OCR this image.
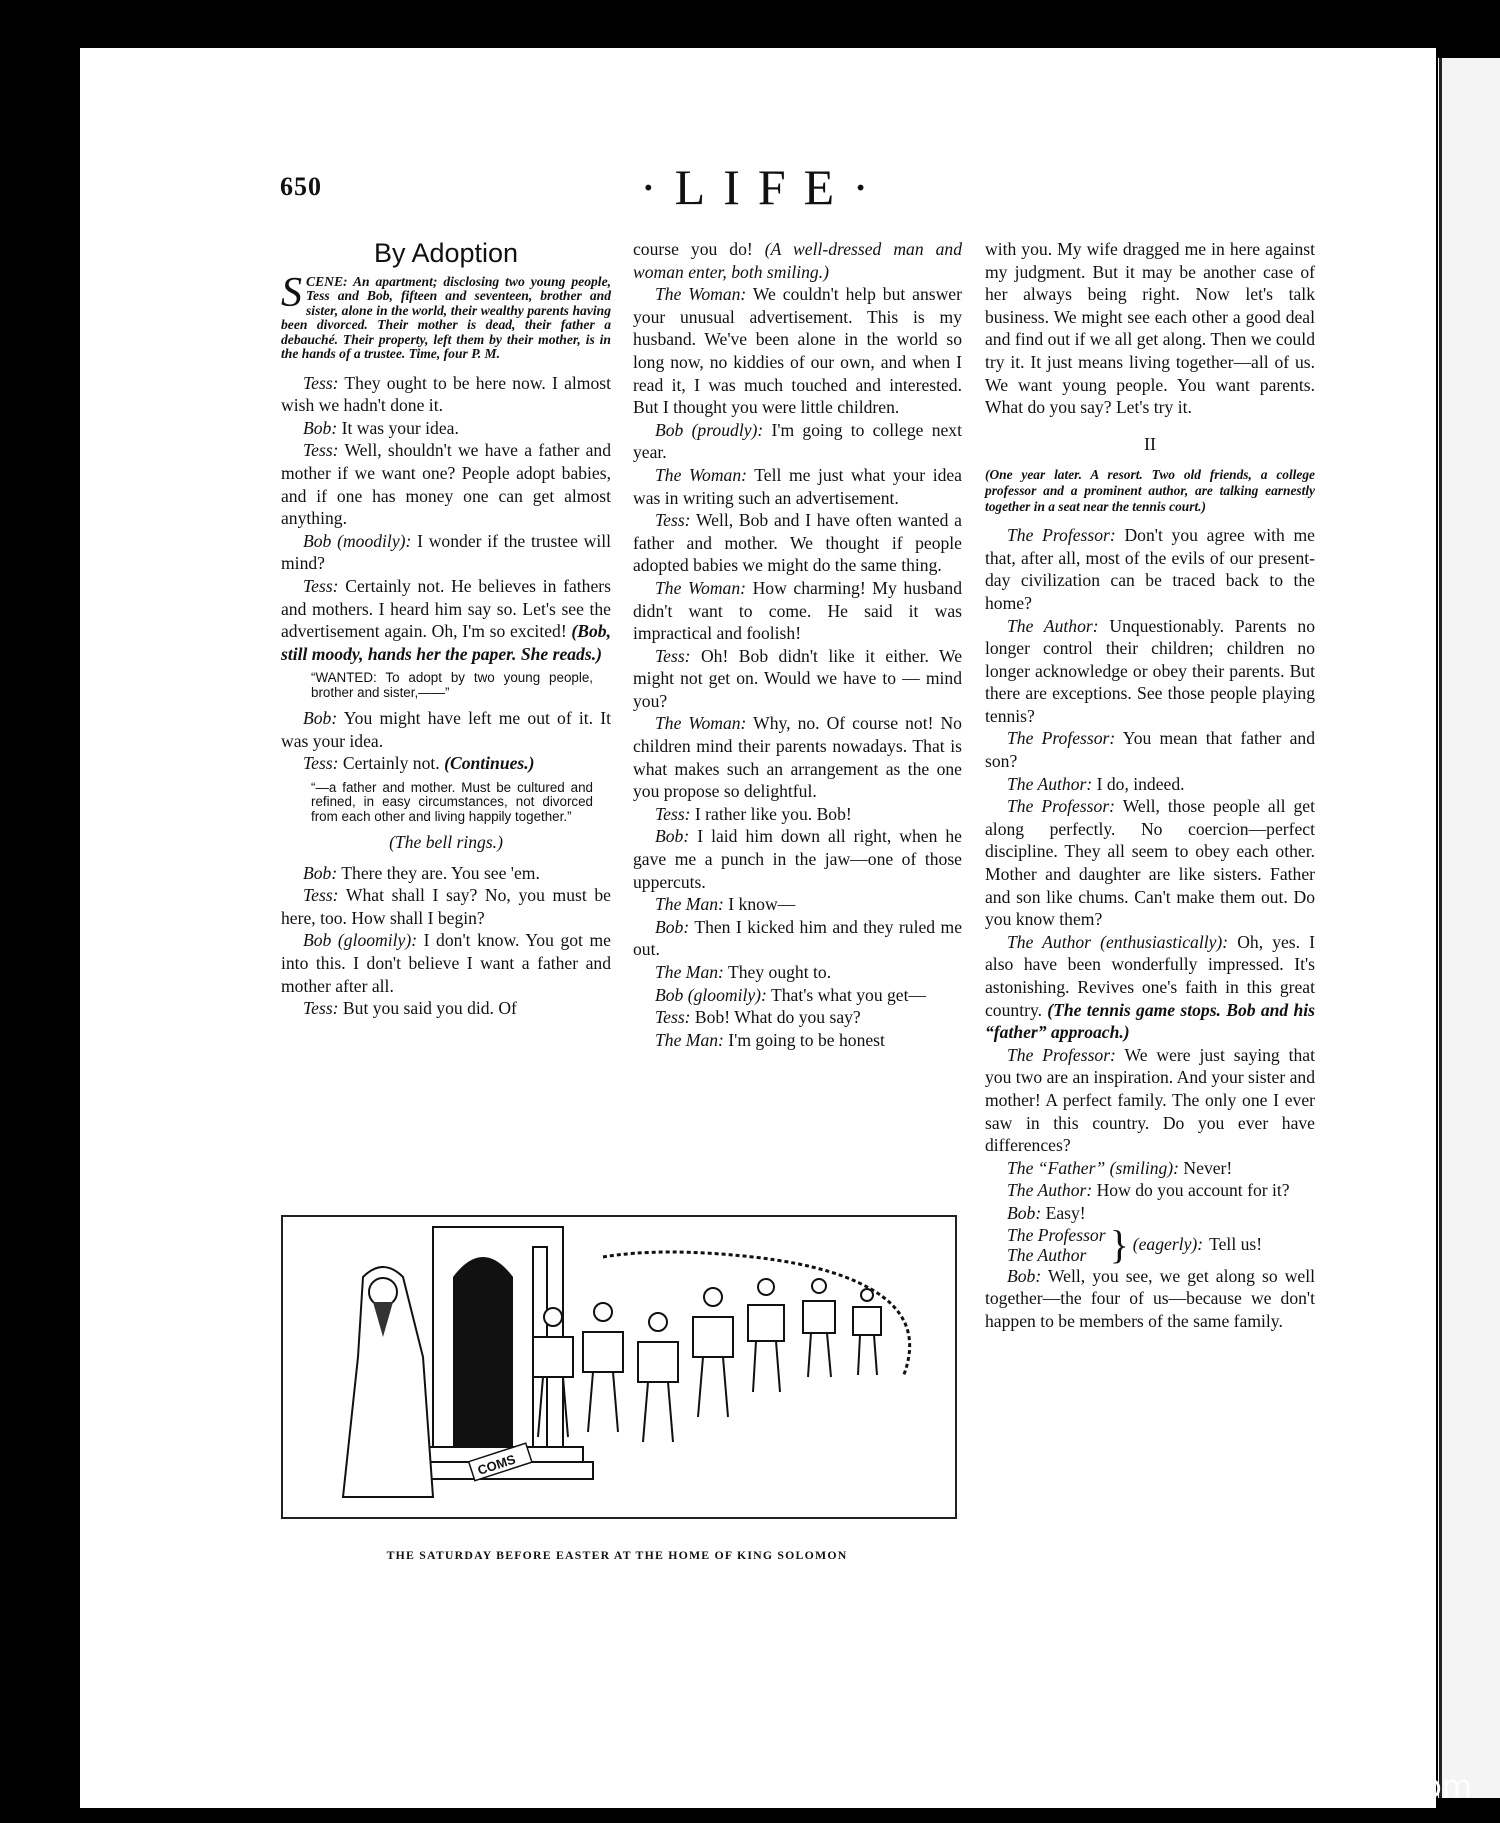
650	·LIFE·
By Adoption
SCENE: An apartment; disclosing two young people, Tess and Bob, fifteen and seventeen, brother and sister, alone in the world, their wealthy parents having been divorced. Their mother is dead, their father a debauché. Their property, left them by their mother, is in the hands of a trustee. Time, four P. M.

Tess: They ought to be here now. I almost wish we hadn't done it.

Bob: It was your idea.

Tess: Well, shouldn't we have a father and mother if we want one? People adopt babies, and if one has money one can get almost anything.

Bob (moodily): I wonder if the trustee will mind?

Tess: Certainly not. He believes in fathers and mothers. I heard him say so. Let's see the advertisement again. Oh, I'm so excited! (Bob, still moody, hands her the paper. She reads.)

“WANTED: To adopt by two young people, brother and sister,——”

Bob: You might have left me out of it. It was your idea.

Tess: Certainly not. (Continues.)

“—a father and mother. Must be cultured and refined, in easy circumstances, not divorced from each other and living happily together.”

(The bell rings.)

Bob: There they are. You see 'em.

Tess: What shall I say? No, you must be here, too. How shall I begin?

Bob (gloomily): I don't know. You got me into this. I don't believe I want a father and mother after all.

Tess: But you said you did. Of

course you do! (A well-dressed man and woman enter, both smiling.)

The Woman: We couldn't help but answer your unusual advertisement. This is my husband. We've been alone in the world so long now, no kiddies of our own, and when I read it, I was much touched and interested. But I thought you were little children.

Bob (proudly): I'm going to college next year.

The Woman: Tell me just what your idea was in writing such an advertisement.

Tess: Well, Bob and I have often wanted a father and mother. We thought if people adopted babies we might do the same thing.

The Woman: How charming! My husband didn't want to come. He said it was impractical and foolish!

Tess: Oh! Bob didn't like it either. We might not get on. Would we have to — mind you?

The Woman: Why, no. Of course not! No children mind their parents nowadays. That is what makes such an arrangement as the one you propose so delightful.

Tess: I rather like you. Bob!

Bob: I laid him down all right, when he gave me a punch in the jaw—one of those uppercuts.

The Man: I know—

Bob: Then I kicked him and they ruled me out.

The Man: They ought to.

Bob (gloomily): That's what you get—

Tess: Bob! What do you say?

The Man: I'm going to be honest

with you. My wife dragged me in here against my judgment. But it may be another case of her always being right. Now let's talk business. We might see each other a good deal and find out if we all get along. Then we could try it. It just means living together—all of us. We want young people. You want parents. What do you say? Let's try it.

II
(One year later. A resort. Two old friends, a college professor and a prominent author, are talking earnestly together in a seat near the tennis court.)

The Professor: Don't you agree with me that, after all, most of the evils of our present-day civilization can be traced back to the home?

The Author: Unquestionably. Parents no longer control their children; children no longer acknowledge or obey their parents. But there are exceptions. See those people playing tennis?

The Professor: You mean that father and son?

The Author: I do, indeed.

The Professor: Well, those people all get along perfectly. No coercion—perfect discipline. They all seem to obey each other. Mother and daughter are like sisters. Father and son like chums. Can't make them out. Do you know them?

The Author (enthusiastically): Oh, yes. I also have been wonderfully impressed. It's astonishing. Revives one's faith in this great country. (The tennis game stops. Bob and his “father” approach.)

The Professor: We were just saying that you two are an inspiration. And your sister and mother! A perfect family. The only one I ever saw in this country. Do you ever have differences?

The “Father” (smiling): Never!

The Author: How do you account for it?

Bob: Easy!

The Professor
The Author } (eagerly): Tell us!

Bob: Well, you see, we get along so well together—the four of us—because we don't happen to be members of the same family.

COMS
THE SATURDAY BEFORE EASTER AT THE HOME OF KING SOLOMON
comicbooks.com
